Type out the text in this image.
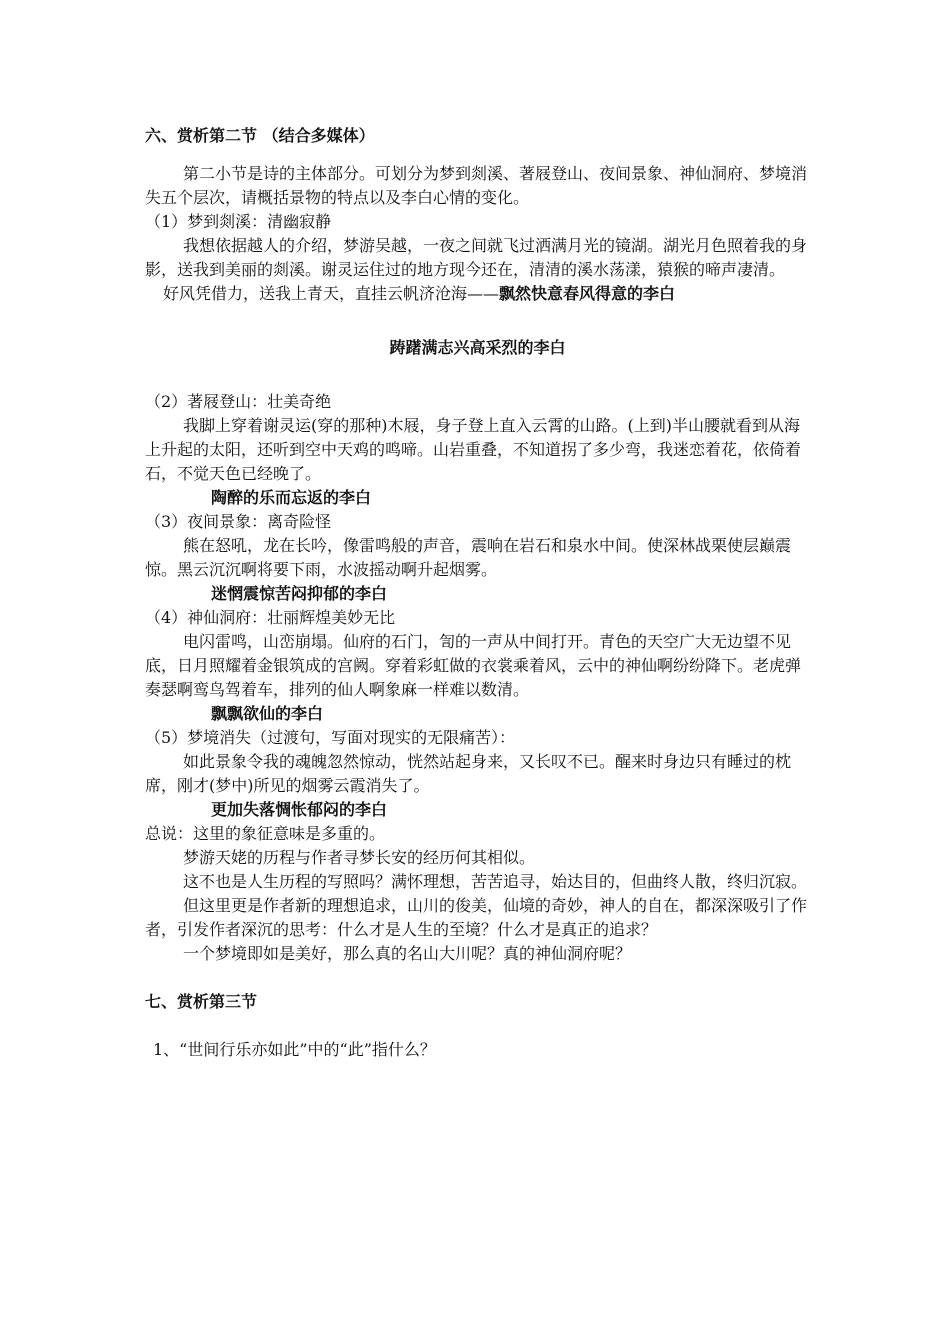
六、赏析第二节 （结合多媒体）

第二小节是诗的主体部分。可划分为梦到剡溪、著屐登山、夜间景象、神仙洞府、梦境消失五个层次，请概括景物的特点以及李白心情的变化。

（1）梦到剡溪：清幽寂静

我想依据越人的介绍，梦游吴越，一夜之间就飞过洒满月光的镜湖。湖光月色照着我的身影，送我到美丽的剡溪。谢灵运住过的地方现今还在，清清的溪水荡漾，猿猴的啼声凄清。

好风凭借力，送我上青天，直挂云帆济沧海——飘然快意春风得意的李白

踌躇满志兴高采烈的李白

（2）著屐登山：壮美奇绝

我脚上穿着谢灵运(穿的那种)木屐，身子登上直入云霄的山路。(上到)半山腰就看到从海上升起的太阳，还听到空中天鸡的鸣啼。山岩重叠，不知道拐了多少弯，我迷恋着花，依倚着石，不觉天色已经晚了。

陶醉的乐而忘返的李白

（3）夜间景象：离奇险怪

熊在怒吼，龙在长吟，像雷鸣般的声音，震响在岩石和泉水中间。使深林战栗使层巅震惊。黑云沉沉啊将要下雨，水波摇动啊升起烟雾。

迷惘震惊苦闷抑郁的李白

（4）神仙洞府：壮丽辉煌美妙无比

电闪雷鸣，山峦崩塌。仙府的石门，訇的一声从中间打开。青色的天空广大无边望不见底，日月照耀着金银筑成的宫阙。穿着彩虹做的衣裳乘着风，云中的神仙啊纷纷降下。老虎弹奏瑟啊鸾鸟驾着车，排列的仙人啊象麻一样难以数清。

飘飘欲仙的李白

（5）梦境消失（过渡句，写面对现实的无限痛苦）：

如此景象令我的魂魄忽然惊动，恍然站起身来，又长叹不已。醒来时身边只有睡过的枕席，刚才(梦中)所见的烟雾云霞消失了。

更加失落惆怅郁闷的李白

总说：这里的象征意味是多重的。

梦游天姥的历程与作者寻梦长安的经历何其相似。

这不也是人生历程的写照吗？满怀理想，苦苦追寻，始达目的，但曲终人散，终归沉寂。

但这里更是作者新的理想追求，山川的俊美，仙境的奇妙，神人的自在，都深深吸引了作者，引发作者深沉的思考：什么才是人生的至境？什么才是真正的追求？

一个梦境即如是美好，那么真的名山大川呢？真的神仙洞府呢？

七、赏析第三节

1、“世间行乐亦如此”中的“此”指什么？
